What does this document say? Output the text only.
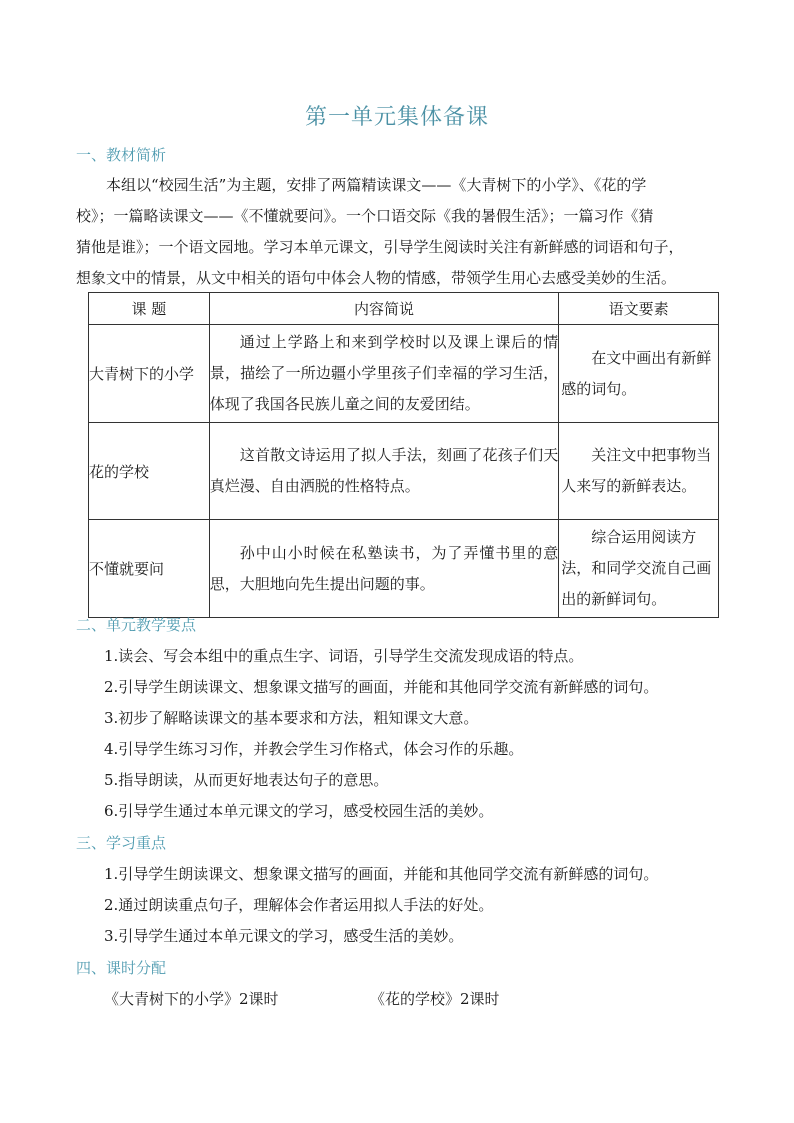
第一单元集体备课
一、教材简析
本组以“校园生活”为主题，安排了两篇精读课文——《大青树下的小学》、《花的学
校》；一篇略读课文——《不懂就要问》。一个口语交际《我的暑假生活》；一篇习作《猜
猜他是谁》；一个语文园地。学习本单元课文，引导学生阅读时关注有新鲜感的词语和句子，
想象文中的情景，从文中相关的语句中体会人物的情感，带领学生用心去感受美妙的生活。
课 题	内容简说	语文要素
大青树下的小学	通过上学路上和来到学校时以及课上课后的情景，描绘了一所边疆小学里孩子们幸福的学习生活，体现了我国各民族儿童之间的友爱团结。	在文中画出有新鲜感的词句。
花的学校	这首散文诗运用了拟人手法，刻画了花孩子们天真烂漫、自由洒脱的性格特点。	关注文中把事物当人来写的新鲜表达。
不懂就要问	孙中山小时候在私塾读书，为了弄懂书里的意思，大胆地向先生提出问题的事。	综合运用阅读方法，和同学交流自己画出的新鲜词句。
二、单元教学要点
1.读会、写会本组中的重点生字、词语，引导学生交流发现成语的特点。
2.引导学生朗读课文、想象课文描写的画面，并能和其他同学交流有新鲜感的词句。
3.初步了解略读课文的基本要求和方法，粗知课文大意。
4.引导学生练习习作，并教会学生习作格式，体会习作的乐趣。
5.指导朗读，从而更好地表达句子的意思。
6.引导学生通过本单元课文的学习，感受校园生活的美妙。
三、学习重点
1.引导学生朗读课文、想象课文描写的画面，并能和其他同学交流有新鲜感的词句。
2.通过朗读重点句子，理解体会作者运用拟人手法的好处。
3.引导学生通过本单元课文的学习，感受生活的美妙。
四、课时分配
《大青树下的小学》2课时	《花的学校》2课时
